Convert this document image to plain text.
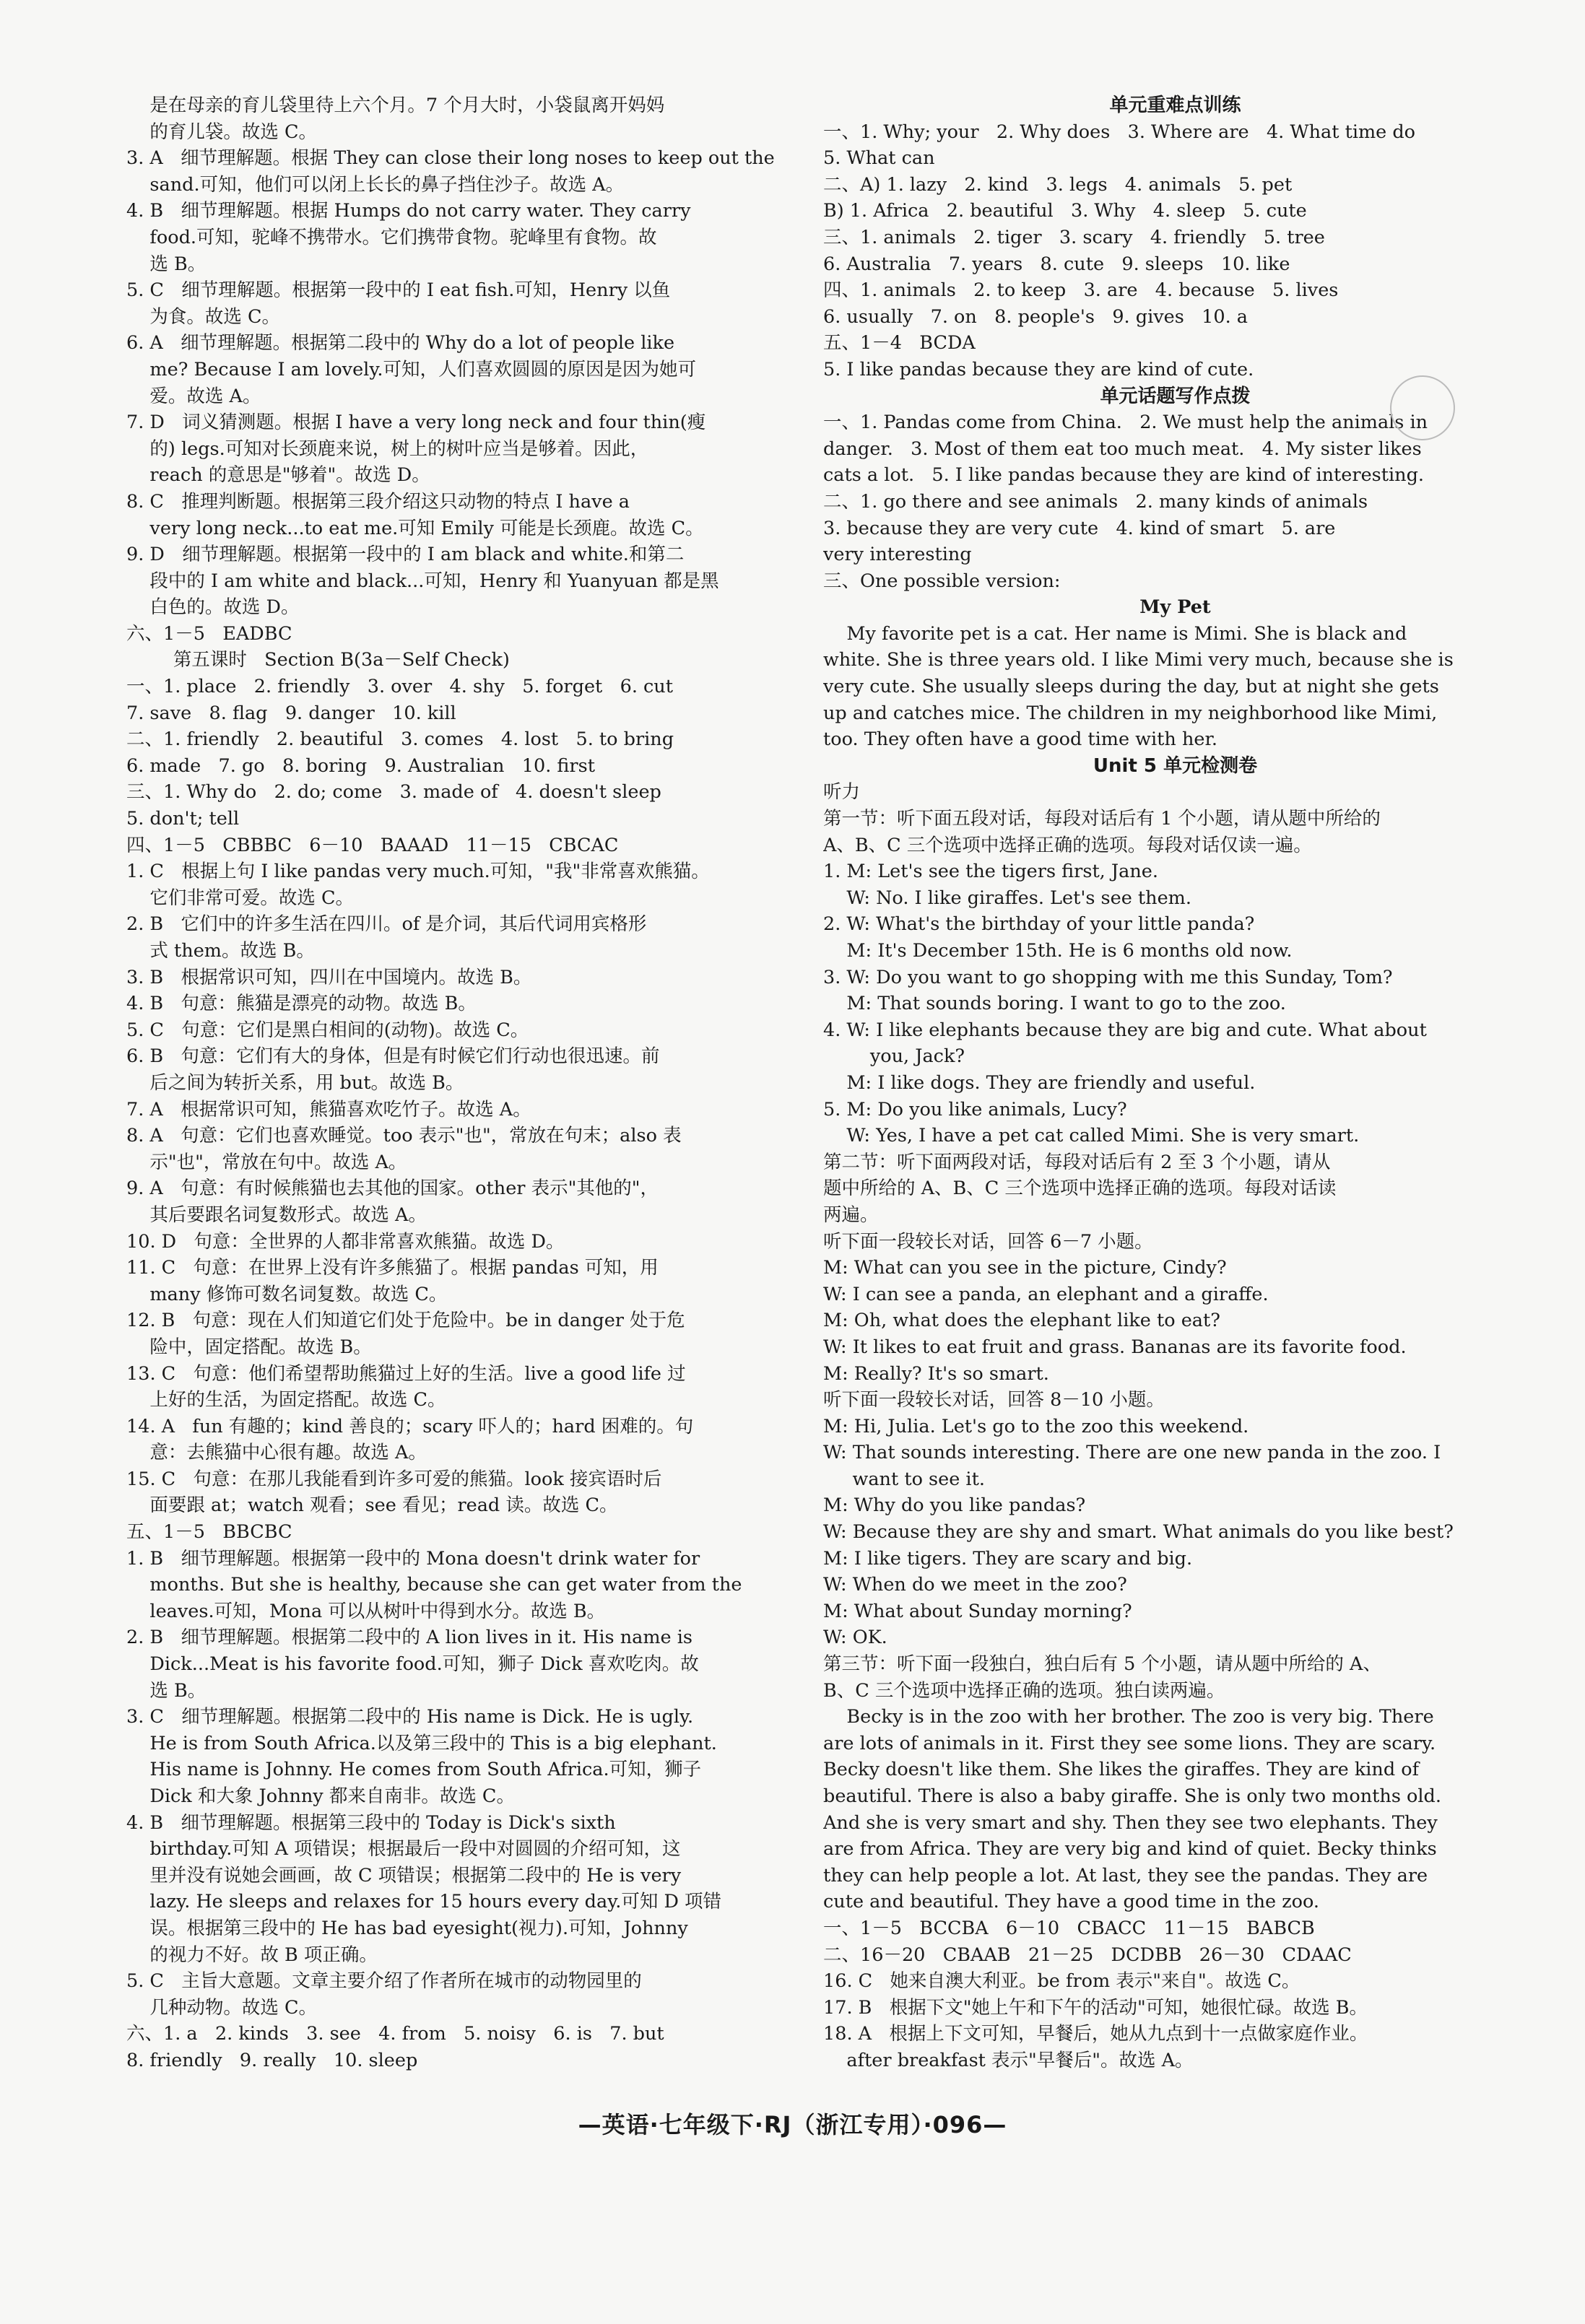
是在母亲的育儿袋里待上六个月。7 个月大时，小袋鼠离开妈妈
的育儿袋。故选 C。
3. A   细节理解题。根据 They can close their long noses to keep out the
sand.可知，他们可以闭上长长的鼻子挡住沙子。故选 A。
4. B   细节理解题。根据 Humps do not carry water. They carry
food.可知，驼峰不携带水。它们携带食物。驼峰里有食物。故
选 B。
5. C   细节理解题。根据第一段中的 I eat fish.可知，Henry 以鱼
为食。故选 C。
6. A   细节理解题。根据第二段中的 Why do a lot of people like
me? Because I am lovely.可知，人们喜欢圆圆的原因是因为她可
爱。故选 A。
7. D   词义猜测题。根据 I have a very long neck and four thin(瘦
的) legs.可知对长颈鹿来说，树上的树叶应当是够着。因此，
reach 的意思是"够着"。故选 D。
8. C   推理判断题。根据第三段介绍这只动物的特点 I have a
very long neck...to eat me.可知 Emily 可能是长颈鹿。故选 C。
9. D   细节理解题。根据第一段中的 I am black and white.和第二
段中的 I am white and black...可知，Henry 和 Yuanyuan 都是黑
白色的。故选 D。
六、1－5   EADBC
第五课时   Section B(3a－Self Check)
一、1. place   2. friendly   3. over   4. shy   5. forget   6. cut
7. save   8. flag   9. danger   10. kill
二、1. friendly   2. beautiful   3. comes   4. lost   5. to bring
6. made   7. go   8. boring   9. Australian   10. first
三、1. Why do   2. do; come   3. made of   4. doesn't sleep
5. don't; tell
四、1－5   CBBBC   6－10   BAAAD   11－15   CBCAC
1. C   根据上句 I like pandas very much.可知，"我"非常喜欢熊猫。
它们非常可爱。故选 C。
2. B   它们中的许多生活在四川。of 是介词，其后代词用宾格形
式 them。故选 B。
3. B   根据常识可知，四川在中国境内。故选 B。
4. B   句意：熊猫是漂亮的动物。故选 B。
5. C   句意：它们是黑白相间的(动物)。故选 C。
6. B   句意：它们有大的身体，但是有时候它们行动也很迅速。前
后之间为转折关系，用 but。故选 B。
7. A   根据常识可知，熊猫喜欢吃竹子。故选 A。
8. A   句意：它们也喜欢睡觉。too 表示"也"，常放在句末；also 表
示"也"，常放在句中。故选 A。
9. A   句意：有时候熊猫也去其他的国家。other 表示"其他的"，
其后要跟名词复数形式。故选 A。
10. D   句意：全世界的人都非常喜欢熊猫。故选 D。
11. C   句意：在世界上没有许多熊猫了。根据 pandas 可知，用
many 修饰可数名词复数。故选 C。
12. B   句意：现在人们知道它们处于危险中。be in danger 处于危
险中，固定搭配。故选 B。
13. C   句意：他们希望帮助熊猫过上好的生活。live a good life 过
上好的生活，为固定搭配。故选 C。
14. A   fun 有趣的；kind 善良的；scary 吓人的；hard 困难的。句
意：去熊猫中心很有趣。故选 A。
15. C   句意：在那儿我能看到许多可爱的熊猫。look 接宾语时后
面要跟 at；watch 观看；see 看见；read 读。故选 C。
五、1－5   BBCBC
1. B   细节理解题。根据第一段中的 Mona doesn't drink water for
months. But she is healthy, because she can get water from the
leaves.可知，Mona 可以从树叶中得到水分。故选 B。
2. B   细节理解题。根据第二段中的 A lion lives in it. His name is
Dick...Meat is his favorite food.可知，狮子 Dick 喜欢吃肉。故
选 B。
3. C   细节理解题。根据第二段中的 His name is Dick. He is ugly.
He is from South Africa.以及第三段中的 This is a big elephant.
His name is Johnny. He comes from South Africa.可知，狮子
Dick 和大象 Johnny 都来自南非。故选 C。
4. B   细节理解题。根据第三段中的 Today is Dick's sixth
birthday.可知 A 项错误；根据最后一段中对圆圆的介绍可知，这
里并没有说她会画画，故 C 项错误；根据第二段中的 He is very
lazy. He sleeps and relaxes for 15 hours every day.可知 D 项错
误。根据第三段中的 He has bad eyesight(视力).可知，Johnny
的视力不好。故 B 项正确。
5. C   主旨大意题。文章主要介绍了作者所在城市的动物园里的
几种动物。故选 C。
六、1. a   2. kinds   3. see   4. from   5. noisy   6. is   7. but
8. friendly   9. really   10. sleep
单元重难点训练
一、1. Why; your   2. Why does   3. Where are   4. What time do
5. What can
二、A) 1. lazy   2. kind   3. legs   4. animals   5. pet
B) 1. Africa   2. beautiful   3. Why   4. sleep   5. cute
三、1. animals   2. tiger   3. scary   4. friendly   5. tree
6. Australia   7. years   8. cute   9. sleeps   10. like
四、1. animals   2. to keep   3. are   4. because   5. lives
6. usually   7. on   8. people's   9. gives   10. a
五、1－4   BCDA
5. I like pandas because they are kind of cute.
单元话题写作点拨
一、1. Pandas come from China.   2. We must help the animals in
danger.   3. Most of them eat too much meat.   4. My sister likes
cats a lot.   5. I like pandas because they are kind of interesting.
二、1. go there and see animals   2. many kinds of animals
3. because they are very cute   4. kind of smart   5. are
very interesting
三、One possible version:
My Pet
My favorite pet is a cat. Her name is Mimi. She is black and
white. She is three years old. I like Mimi very much, because she is
very cute. She usually sleeps during the day, but at night she gets
up and catches mice. The children in my neighborhood like Mimi,
too. They often have a good time with her.
Unit 5 单元检测卷
听力
第一节：听下面五段对话，每段对话后有 1 个小题，请从题中所给的
A、B、C 三个选项中选择正确的选项。每段对话仅读一遍。
1. M: Let's see the tigers first, Jane.
W: No. I like giraffes. Let's see them.
2. W: What's the birthday of your little panda?
M: It's December 15th. He is 6 months old now.
3. W: Do you want to go shopping with me this Sunday, Tom?
M: That sounds boring. I want to go to the zoo.
4. W: I like elephants because they are big and cute. What about
you, Jack?
M: I like dogs. They are friendly and useful.
5. M: Do you like animals, Lucy?
W: Yes, I have a pet cat called Mimi. She is very smart.
第二节：听下面两段对话，每段对话后有 2 至 3 个小题，请从
题中所给的 A、B、C 三个选项中选择正确的选项。每段对话读
两遍。
听下面一段较长对话，回答 6－7 小题。
M: What can you see in the picture, Cindy?
W: I can see a panda, an elephant and a giraffe.
M: Oh, what does the elephant like to eat?
W: It likes to eat fruit and grass. Bananas are its favorite food.
M: Really? It's so smart.
听下面一段较长对话，回答 8－10 小题。
M: Hi, Julia. Let's go to the zoo this weekend.
W: That sounds interesting. There are one new panda in the zoo. I
want to see it.
M: Why do you like pandas?
W: Because they are shy and smart. What animals do you like best?
M: I like tigers. They are scary and big.
W: When do we meet in the zoo?
M: What about Sunday morning?
W: OK.
第三节：听下面一段独白，独白后有 5 个小题，请从题中所给的 A、
B、C 三个选项中选择正确的选项。独白读两遍。
Becky is in the zoo with her brother. The zoo is very big. There
are lots of animals in it. First they see some lions. They are scary.
Becky doesn't like them. She likes the giraffes. They are kind of
beautiful. There is also a baby giraffe. She is only two months old.
And she is very smart and shy. Then they see two elephants. They
are from Africa. They are very big and kind of quiet. Becky thinks
they can help people a lot. At last, they see the pandas. They are
cute and beautiful. They have a good time in the zoo.
一、1－5   BCCBA   6－10   CBACC   11－15   BABCB
二、16－20   CBAAB   21－25   DCDBB   26－30   CDAAC
16. C   她来自澳大利亚。be from 表示"来自"。故选 C。
17. B   根据下文"她上午和下午的活动"可知，她很忙碌。故选 B。
18. A   根据上下文可知，早餐后，她从九点到十一点做家庭作业。
after breakfast 表示"早餐后"。故选 A。
—英语·七年级下·RJ（浙江专用）·096—
